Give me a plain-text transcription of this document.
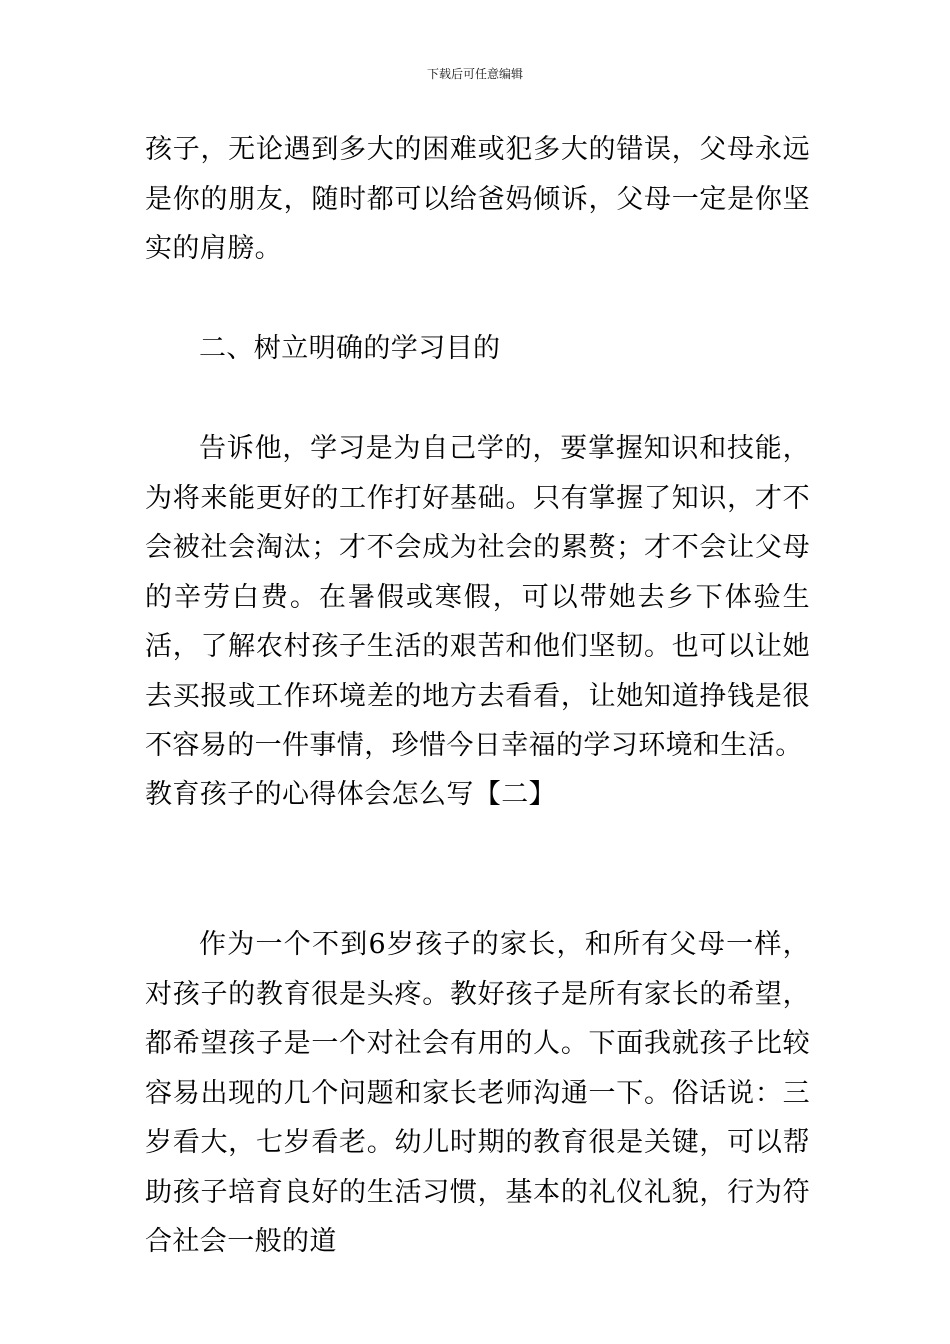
下载后可任意编辑

孩子，无论遇到多大的困难或犯多大的错误，父母永远是你的朋友，随时都可以给爸妈倾诉，父母一定是你坚实的肩膀。

二、树立明确的学习目的

告诉他，学习是为自己学的，要掌握知识和技能，为将来能更好的工作打好基础。只有掌握了知识，才不会被社会淘汰；才不会成为社会的累赘；才不会让父母的辛劳白费。在暑假或寒假，可以带她去乡下体验生活，了解农村孩子生活的艰苦和他们坚韧。也可以让她去买报或工作环境差的地方去看看，让她知道挣钱是很不容易的一件事情，珍惜今日幸福的学习环境和生活。

教育孩子的心得体会怎么写【二】

作为一个不到6岁孩子的家长，和所有父母一样，对孩子的教育很是头疼。教好孩子是所有家长的希望，都希望孩子是一个对社会有用的人。下面我就孩子比较容易出现的几个问题和家长老师沟通一下。俗话说：三岁看大，七岁看老。幼儿时期的教育很是关键，可以帮助孩子培育良好的生活习惯，基本的礼仪礼貌，行为符合社会一般的道
